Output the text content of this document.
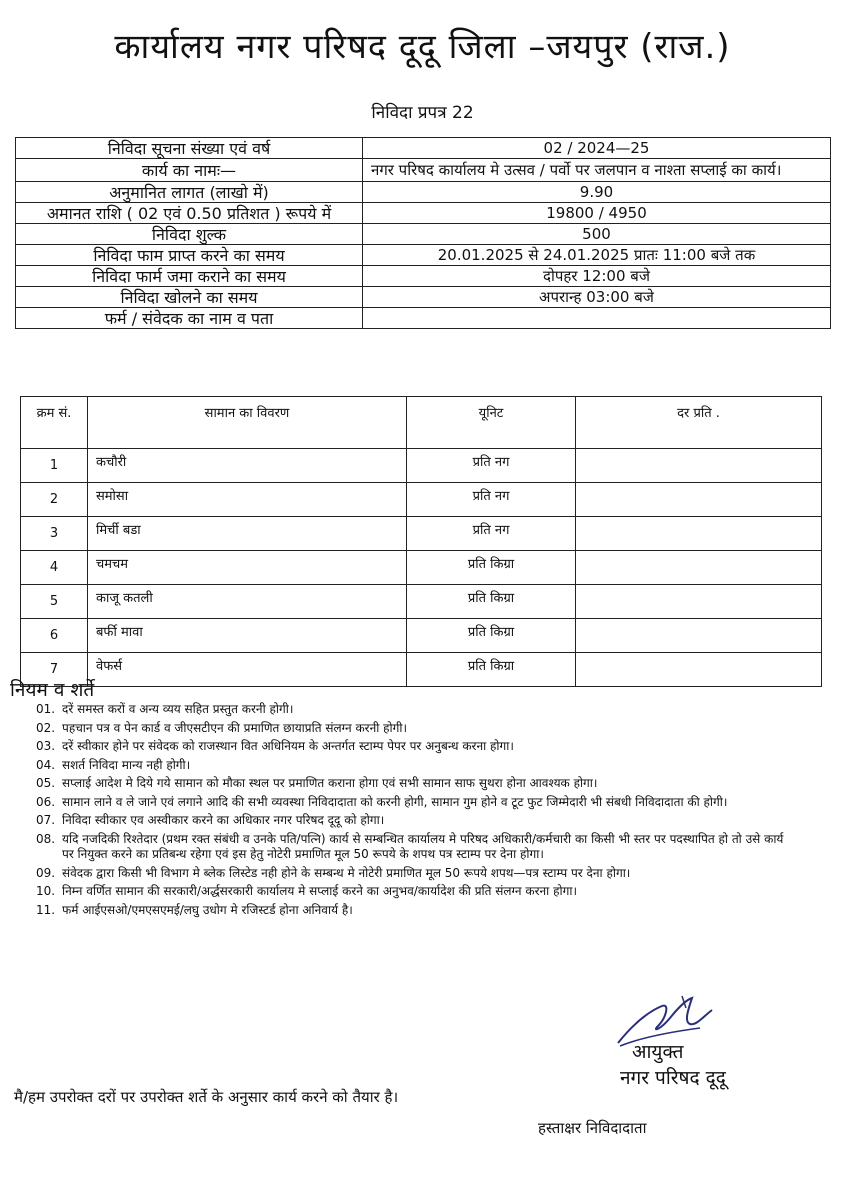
कार्यालय नगर परिषद दूदू जिला –जयपुर (राज.)
निविदा प्रपत्र 22
निविदा सूचना संख्या एवं वर्ष	02 / 2024—25
कार्य का नामः—	नगर परिषद कार्यालय मे उत्सव / पर्वो पर जलपान व नाश्ता सप्लाई का कार्य।
अनुमानित लागत (लाखो में)	9.90
अमानत राशि ( 02 एवं 0.50 प्रतिशत ) रूपये में	19800 / 4950
निविदा शुल्क	500
निविदा फाम प्राप्त करने का समय	20.01.2025 से 24.01.2025 प्रातः 11:00 बजे तक
निविदा फार्म जमा कराने का समय	दोपहर 12:00 बजे
निविदा खोलने का समय	अपरान्ह 03:00 बजे
फर्म / संवेदक का नाम व पता	
क्रम सं.	सामान का विवरण	यूनिट	दर प्रति .
1	कचौरी	प्रति नग	
2	समोसा	प्रति नग	
3	मिर्ची बडा	प्रति नग	
4	चमचम	प्रति किग्रा	
5	काजू कतली	प्रति किग्रा	
6	बर्फी मावा	प्रति किग्रा	
7	वेफर्स	प्रति किग्रा	
नियम व शर्ते
01. दरें समस्त करों व अन्य व्यय सहित प्रस्तुत करनी होगी।
02. पहचान पत्र व पेन कार्ड व जीएसटीएन की प्रमाणित छायाप्रति संलग्न करनी होगी।
03. दरें स्वीकार होने पर संवेदक को राजस्थान वित अधिनियम के अन्तर्गत स्टाम्प पेपर पर अनुबन्ध करना होगा।
04. सशर्त निविदा मान्य नही होगी।
05. सप्लाई आदेश मे दिये गये सामान को मौका स्थल पर प्रमाणित कराना होगा एवं सभी सामान साफ सुथरा होना आवश्यक होगा।
06. सामान लाने व ले जाने एवं लगाने आदि की सभी व्यवस्था निविदादाता को करनी होगी, सामान गुम होने व टूट फुट जिम्मेदारी भी संबधी निविदादाता की होगी।
07. निविदा स्वीकार एव अस्वीकार करने का अधिकार नगर परिषद दूदू को होगा।
08. यदि नजदिकी रिश्तेदार (प्रथम रक्त संबंधी व उनके पति/पत्नि) कार्य से सम्बन्धित कार्यालय मे परिषद अधिकारी/कर्मचारी का किसी भी स्तर पर पदस्थापित हो तो उसे कार्य पर नियुक्त करने का प्रतिबन्ध रहेगा एवं इस हेतु नोटेरी प्रमाणित मूल 50 रूपये के शपथ पत्र स्टाम्प पर देना होगा।
09. संवेदक द्वारा किसी भी विभाग मे ब्लेक लिस्टेड नही होने के सम्बन्ध मे नोटेरी प्रमाणित मूल 50 रूपये शपथ—पत्र स्टाम्प पर देना होगा।
10. निम्न वर्णित सामान की सरकारी/अर्द्धसरकारी कार्यालय मे सप्लाई करने का अनुभव/कार्यादेश की प्रति संलग्न करना होगा।
11. फर्म आईएसओ/एमएसएमई/लघु उधोग मे रजिस्टर्ड होना अनिवार्य है।
आयुक्त
नगर परिषद दूदू
मै/हम उपरोक्त दरों पर उपरोक्त शर्ते के अनुसार कार्य करने को तैयार है।
हस्ताक्षर निविदादाता
